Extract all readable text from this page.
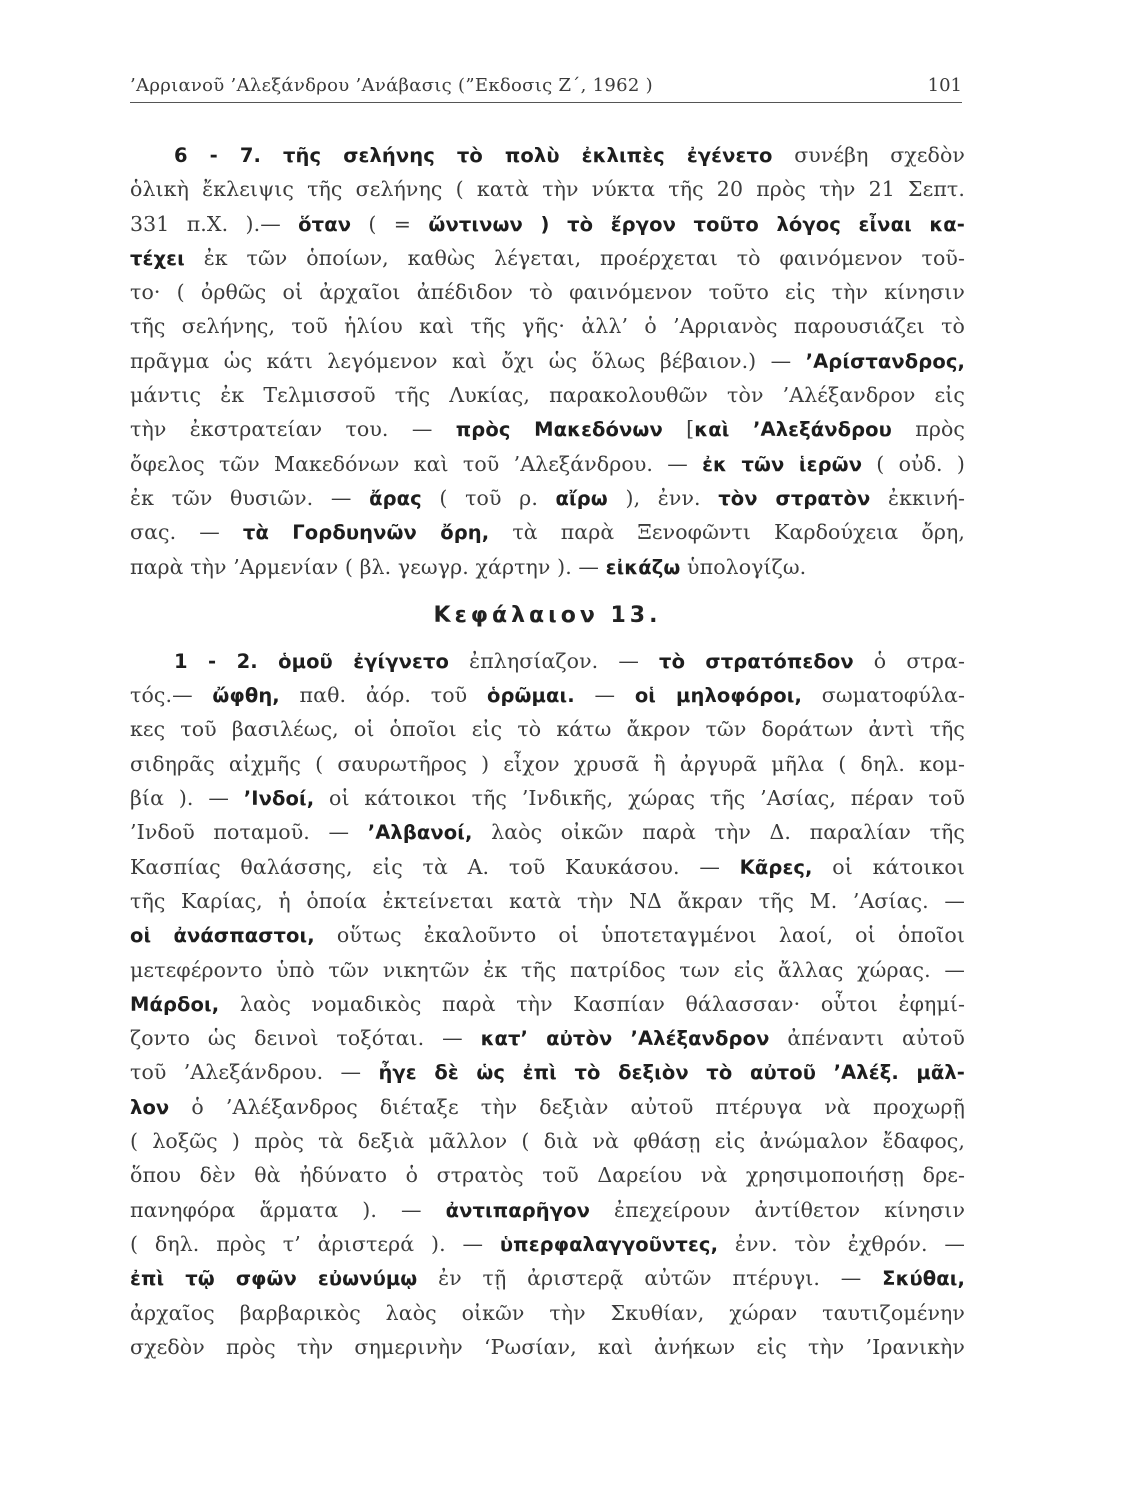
’Αρριανοῦ ’Αλεξάνδρου ’Ανάβασις (”Εκδοσις Ζ΄, 1962 )	101
6 - 7. τῆς σελήνης τὸ πολὺ ἐκλιπὲς ἐγένετο συνέβη σχεδὸν
ὁλικὴ ἔκλειψις τῆς σελήνης ( κατὰ τὴν νύκτα τῆς 20 πρὸς τὴν 21 Σεπτ.
331 π.Χ. ).— ὅταν ( = ὤντινων ) τὸ ἔργον τοῦτο λόγος εἶναι κα-
τέχει ἐκ τῶν ὁποίων, καθὼς λέγεται, προέρχεται τὸ φαινόμενον τοῦ-
το· ( ὀρθῶς οἱ ἀρχαῖοι ἀπέδιδον τὸ φαινόμενον τοῦτο εἰς τὴν κίνησιν
τῆς σελήνης, τοῦ ἡλίου καὶ τῆς γῆς· ἀλλ’ ὁ ’Αρριανὸς παρουσιάζει τὸ
πρᾶγμα ὡς κάτι λεγόμενον καὶ ὄχι ὡς ὅλως βέβαιον.) — ’Αρίστανδρος,
μάντις ἐκ Τελμισσοῦ τῆς Λυκίας, παρακολουθῶν τὸν ’Αλέξανδρον εἰς
τὴν ἐκστρατείαν του. — πρὸς Μακεδόνων [καὶ ’Αλεξάνδρου πρὸς
ὄφελος τῶν Μακεδόνων καὶ τοῦ ’Αλεξάνδρου. — ἐκ τῶν ἱερῶν ( οὐδ. )
ἐκ τῶν θυσιῶν. — ἄρας ( τοῦ ρ. αἴρω ), ἐνν. τὸν στρατὸν ἐκκινή-
σας. — τὰ Γορδυηνῶν ὄρη, τὰ παρὰ Ξενοφῶντι Καρδούχεια ὄρη,
παρὰ τὴν ’Αρμενίαν ( βλ. γεωγρ. χάρτην ). — εἰκάζω ὑπολογίζω.
Κεφάλαιον 13.
1 - 2. ὁμοῦ ἐγίγνετο ἐπλησίαζον. — τὸ στρατόπεδον ὁ στρα-
τός.— ὤφθη, παθ. ἀόρ. τοῦ ὁρῶμαι. — οἱ μηλοφόροι, σωματοφύλα-
κες τοῦ βασιλέως, οἱ ὁποῖοι εἰς τὸ κάτω ἄκρον τῶν δοράτων ἀντὶ τῆς
σιδηρᾶς αἰχμῆς ( σαυρωτῆρος ) εἶχον χρυσᾶ ἢ ἀργυρᾶ μῆλα ( δηλ. κομ-
βία ). — ’Ινδοί, οἱ κάτοικοι τῆς ’Ινδικῆς, χώρας τῆς ’Ασίας, πέραν τοῦ
’Ινδοῦ ποταμοῦ. — ’Αλβανοί, λαὸς οἰκῶν παρὰ τὴν Δ. παραλίαν τῆς
Κασπίας θαλάσσης, εἰς τὰ Α. τοῦ Καυκάσου. — Κᾶρες, οἱ κάτοικοι
τῆς Καρίας, ἡ ὁποία ἐκτείνεται κατὰ τὴν ΝΔ ἄκραν τῆς Μ. ’Ασίας. —
οἱ ἀνάσπαστοι, οὕτως ἐκαλοῦντο οἱ ὑποτεταγμένοι λαοί, οἱ ὁποῖοι
μετεφέροντο ὑπὸ τῶν νικητῶν ἐκ τῆς πατρίδος των εἰς ἄλλας χώρας. —
Μάρδοι, λαὸς νομαδικὸς παρὰ τὴν Κασπίαν θάλασσαν· οὗτοι ἐφημί-
ζοντο ὡς δεινοὶ τοξόται. — κατ’ αὐτὸν ’Αλέξανδρον ἀπέναντι αὐτοῦ
τοῦ ’Αλεξάνδρου. — ἦγε δὲ ὡς ἐπὶ τὸ δεξιὸν τὸ αὐτοῦ ’Αλέξ. μᾶλ-
λον ὁ ’Αλέξανδρος διέταξε τὴν δεξιὰν αὐτοῦ πτέρυγα νὰ προχωρῇ
( λοξῶς ) πρὸς τὰ δεξιὰ μᾶλλον ( διὰ νὰ φθάσῃ εἰς ἀνώμαλον ἔδαφος,
ὅπου δὲν θὰ ἠδύνατο ὁ στρατὸς τοῦ Δαρείου νὰ χρησιμοποιήσῃ δρε-
πανηφόρα ἅρματα ). — ἀντιπαρῆγον ἐπεχείρουν ἀντίθετον κίνησιν
( δηλ. πρὸς τ’ ἀριστερά ). — ὑπερφαλαγγοῦντες, ἐνν. τὸν ἐχθρόν. —
ἐπὶ τῷ σφῶν εὐωνύμῳ ἐν τῇ ἀριστερᾷ αὐτῶν πτέρυγι. — Σκύθαι,
ἀρχαῖος βαρβαρικὸς λαὸς οἰκῶν τὴν Σκυθίαν, χώραν ταυτιζομένην
σχεδὸν πρὸς τὴν σημερινὴν ‘Ρωσίαν, καὶ ἀνήκων εἰς τὴν ’Ιρανικὴν
